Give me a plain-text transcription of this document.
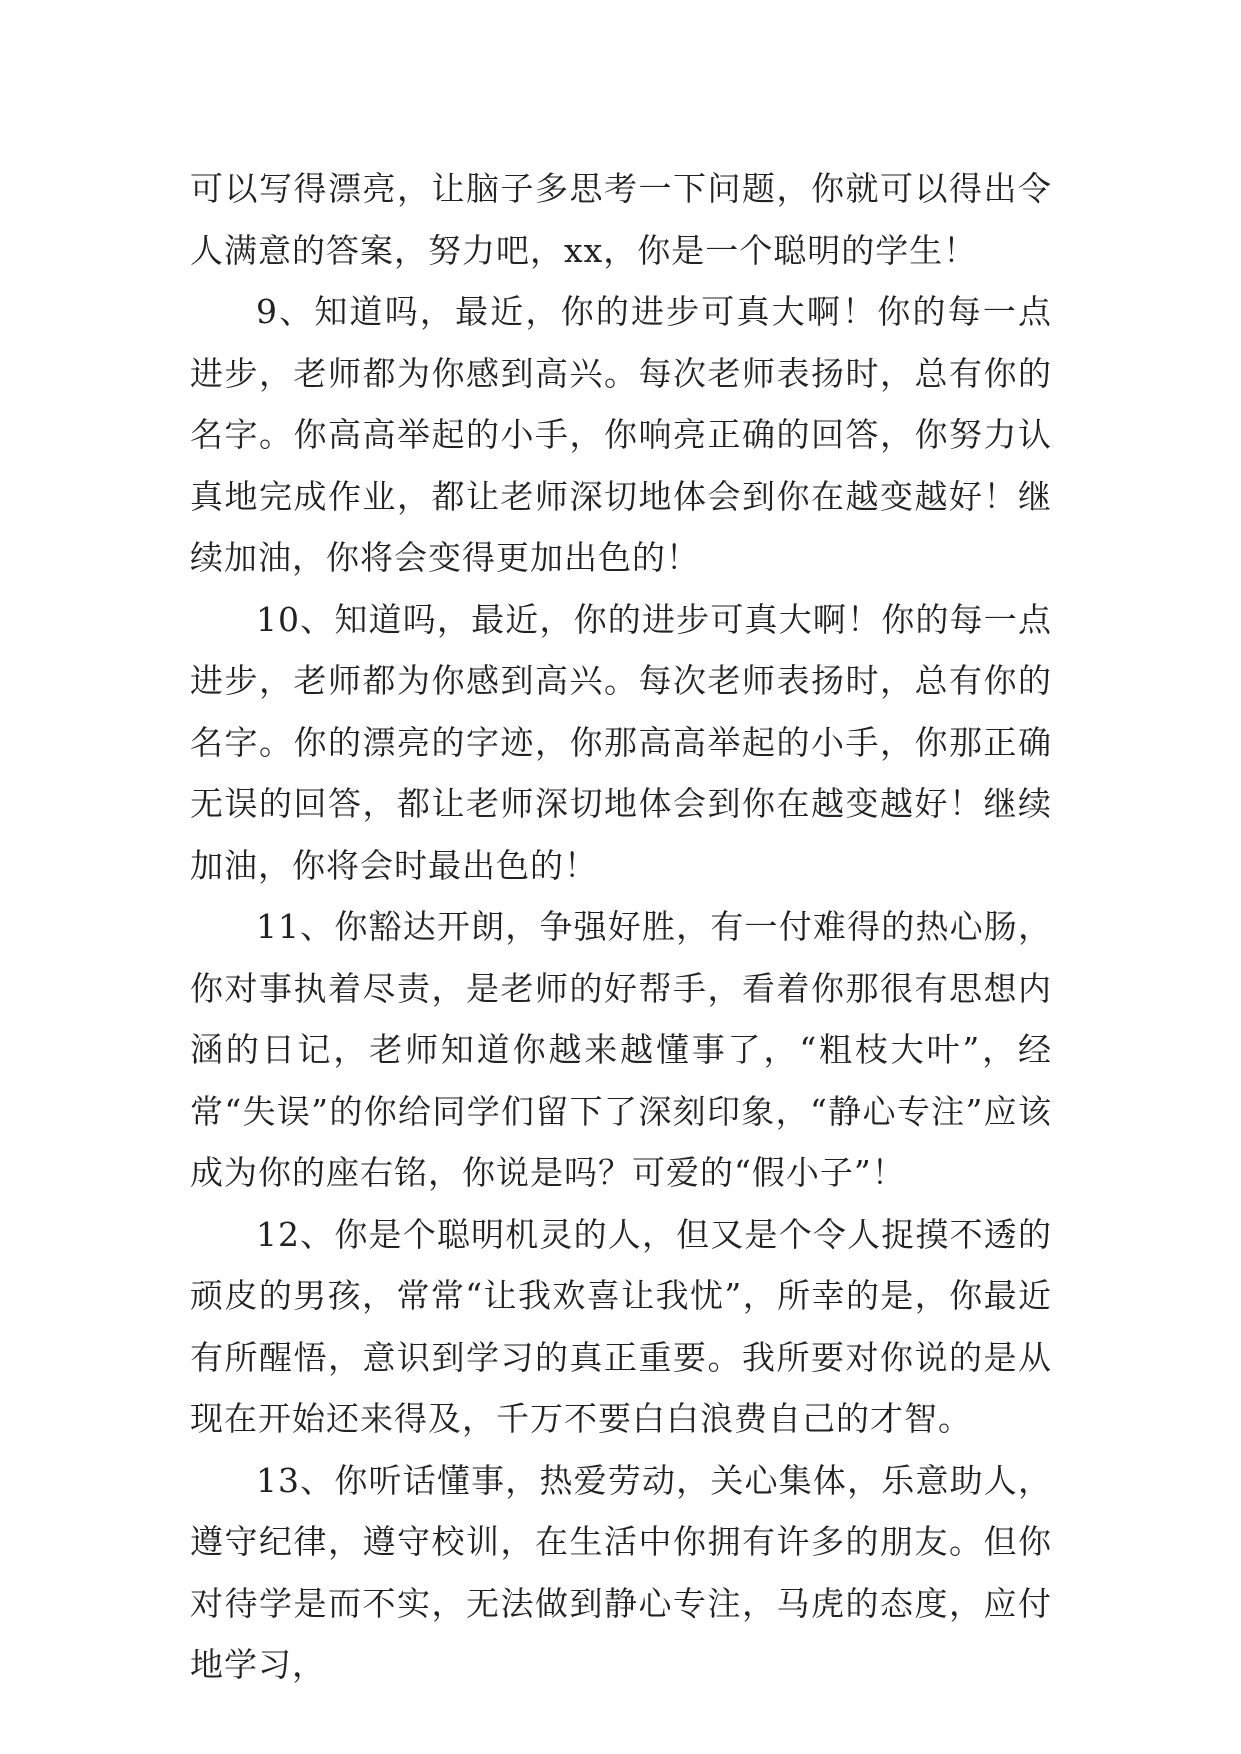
可以写得漂亮，让脑子多思考一下问题，你就可以得出令人满意的答案，努力吧，xx，你是一个聪明的学生！

9、知道吗，最近，你的进步可真大啊！你的每一点进步，老师都为你感到高兴。每次老师表扬时，总有你的名字。你高高举起的小手，你响亮正确的回答，你努力认真地完成作业，都让老师深切地体会到你在越变越好！继续加油，你将会变得更加出色的！

10、知道吗，最近，你的进步可真大啊！你的每一点进步，老师都为你感到高兴。每次老师表扬时，总有你的名字。你的漂亮的字迹，你那高高举起的小手，你那正确无误的回答，都让老师深切地体会到你在越变越好！继续加油，你将会时最出色的！

11、你豁达开朗，争强好胜，有一付难得的热心肠，你对事执着尽责，是老师的好帮手，看着你那很有思想内涵的日记，老师知道你越来越懂事了，“粗枝大叶”，经常“失误”的你给同学们留下了深刻印象，“静心专注”应该成为你的座右铭，你说是吗？可爱的“假小子”！

12、你是个聪明机灵的人，但又是个令人捉摸不透的顽皮的男孩，常常“让我欢喜让我忧”，所幸的是，你最近有所醒悟，意识到学习的真正重要。我所要对你说的是从现在开始还来得及，千万不要白白浪费自己的才智。

13、你听话懂事，热爱劳动，关心集体，乐意助人，遵守纪律，遵守校训，在生活中你拥有许多的朋友。但你对待学是而不实，无法做到静心专注，马虎的态度，应付地学习，
